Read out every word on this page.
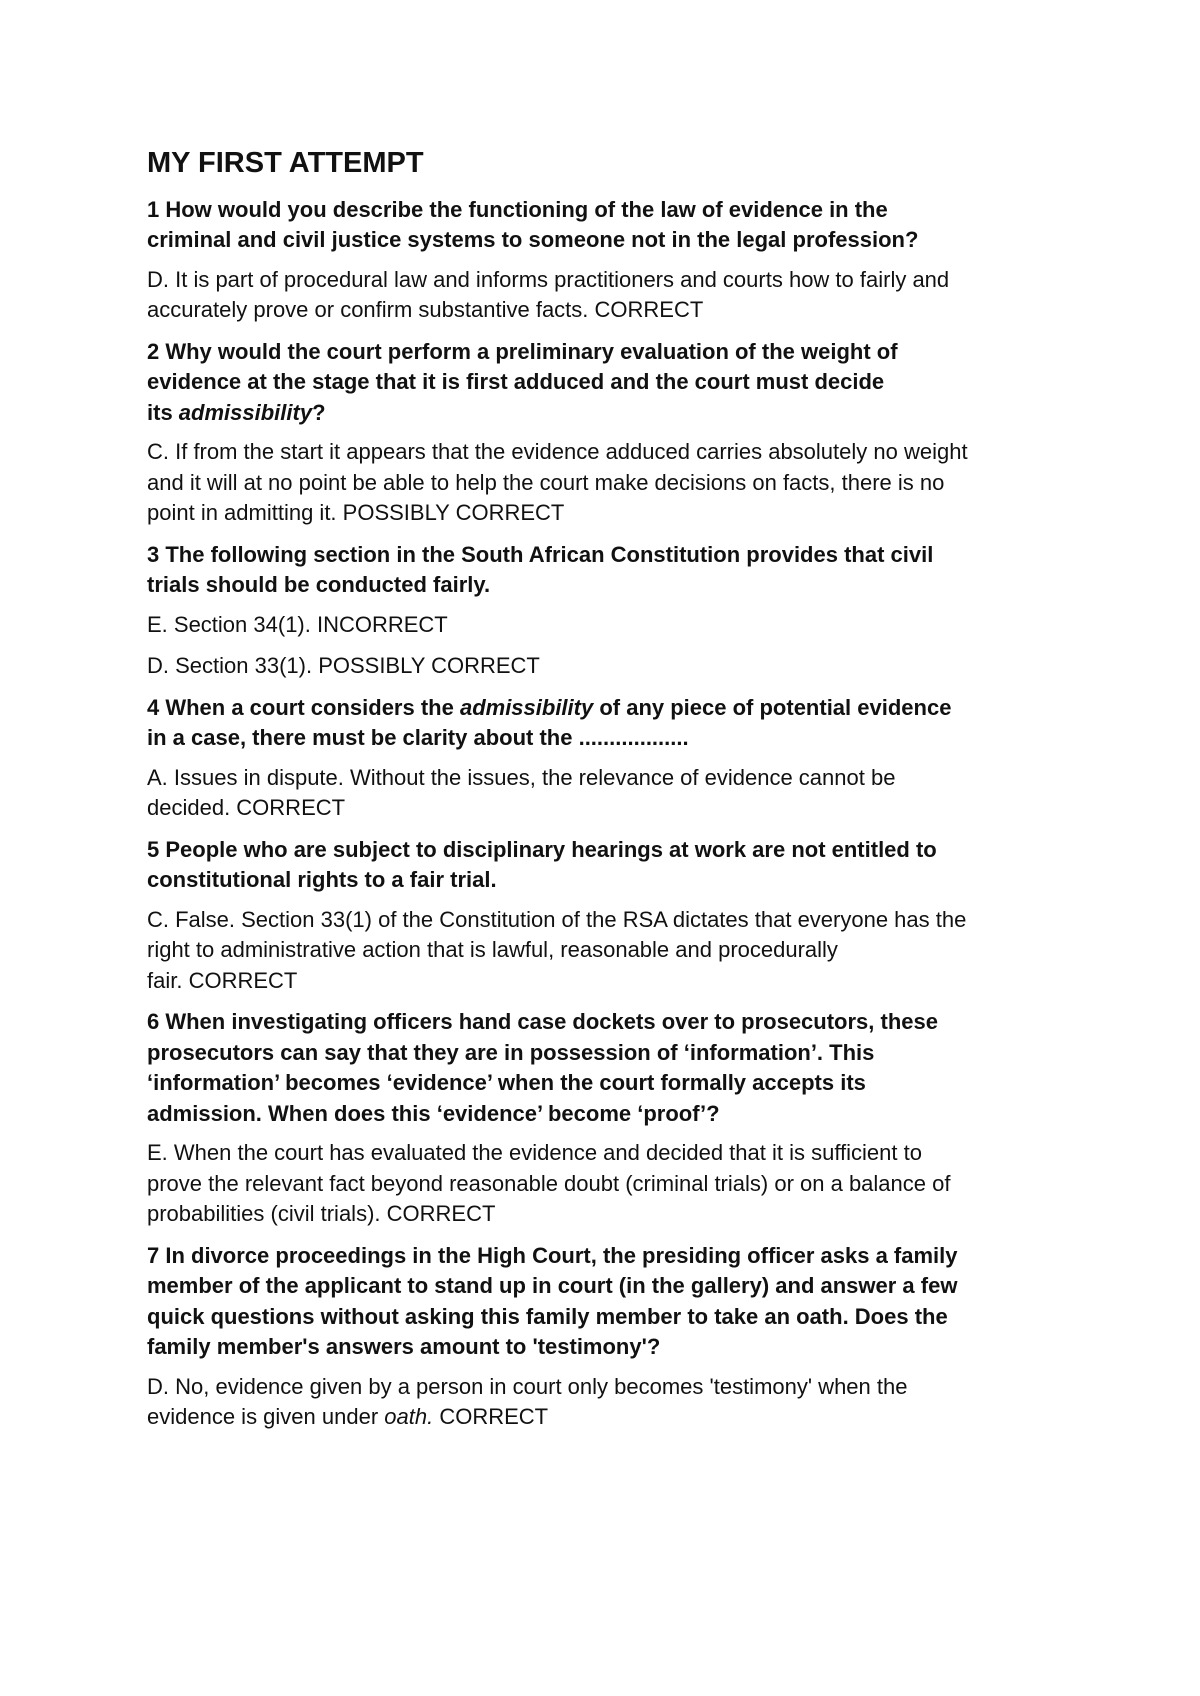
MY FIRST ATTEMPT

1 How would you describe the functioning of the law of evidence in the
criminal and civil justice systems to someone not in the legal profession?

D. It is part of procedural law and informs practitioners and courts how to fairly and
accurately prove or confirm substantive facts. CORRECT

2 Why would the court perform a preliminary evaluation of the weight of
evidence at the stage that it is first adduced and the court must decide
its admissibility?

C. If from the start it appears that the evidence adduced carries absolutely no weight
and it will at no point be able to help the court make decisions on facts, there is no
point in admitting it. POSSIBLY CORRECT

3 The following section in the South African Constitution provides that civil
trials should be conducted fairly.

E. Section 34(1). INCORRECT

D. Section 33(1). POSSIBLY CORRECT

4 When a court considers the admissibility of any piece of potential evidence
in a case, there must be clarity about the ..................

A. Issues in dispute. Without the issues, the relevance of evidence cannot be
decided. CORRECT

5 People who are subject to disciplinary hearings at work are not entitled to
constitutional rights to a fair trial.

C. False. Section 33(1) of the Constitution of the RSA dictates that everyone has the
right to administrative action that is lawful, reasonable and procedurally
fair. CORRECT

6 When investigating officers hand case dockets over to prosecutors, these
prosecutors can say that they are in possession of ‘information’. This
‘information’ becomes ‘evidence’ when the court formally accepts its
admission. When does this ‘evidence’ become ‘proof’?

E. When the court has evaluated the evidence and decided that it is sufficient to
prove the relevant fact beyond reasonable doubt (criminal trials) or on a balance of
probabilities (civil trials). CORRECT

7 In divorce proceedings in the High Court, the presiding officer asks a family
member of the applicant to stand up in court (in the gallery) and answer a few
quick questions without asking this family member to take an oath. Does the
family member's answers amount to 'testimony'?

D. No, evidence given by a person in court only becomes 'testimony' when the
evidence is given under oath. CORRECT
